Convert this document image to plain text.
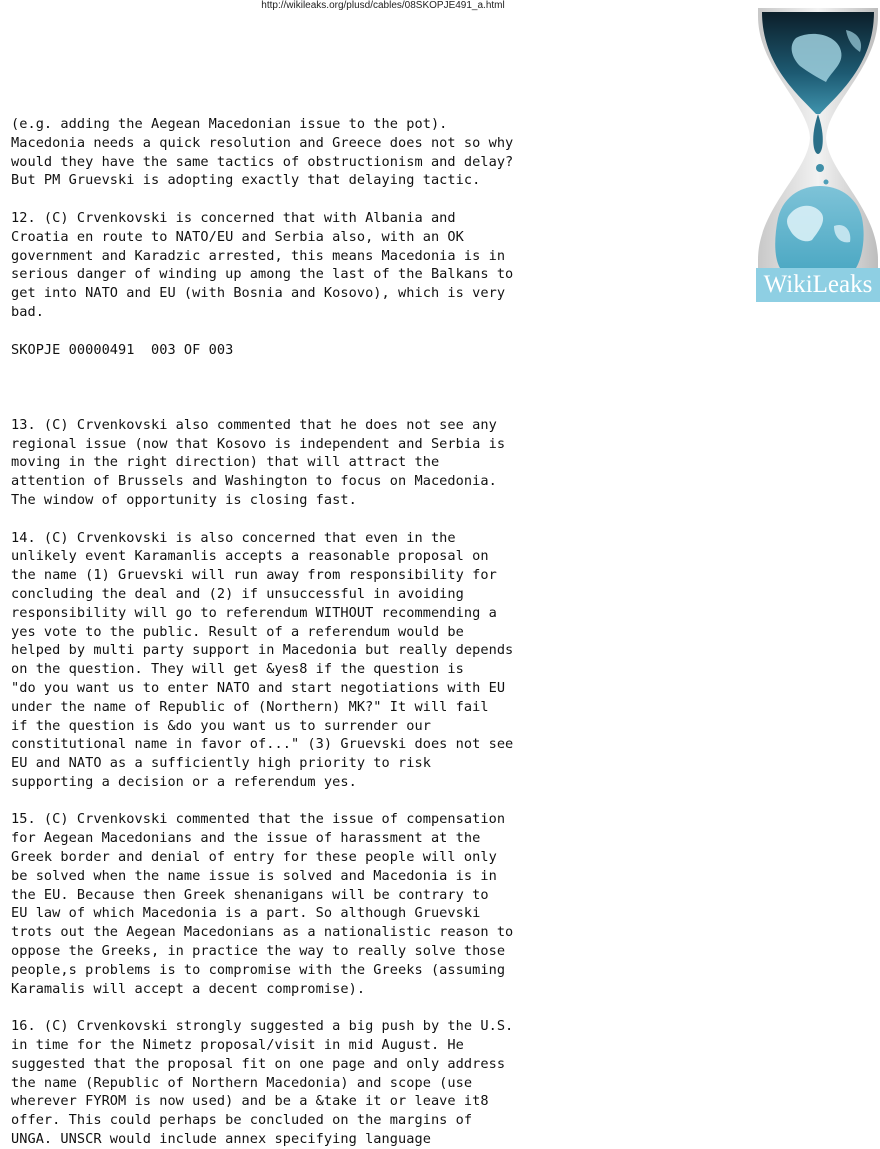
http://wikileaks.org/plusd/cables/08SKOPJE491_a.html
WikiLeaks
(e.g. adding the Aegean Macedonian issue to the pot).
Macedonia needs a quick resolution and Greece does not so why
would they have the same tactics of obstructionism and delay?
But PM Gruevski is adopting exactly that delaying tactic.
12. (C) Crvenkovski is concerned that with Albania and
Croatia en route to NATO/EU and Serbia also, with an OK
government and Karadzic arrested, this means Macedonia is in
serious danger of winding up among the last of the Balkans to
get into NATO and EU (with Bosnia and Kosovo), which is very
bad.
SKOPJE 00000491  003 OF 003
13. (C) Crvenkovski also commented that he does not see any
regional issue (now that Kosovo is independent and Serbia is
moving in the right direction) that will attract the
attention of Brussels and Washington to focus on Macedonia.
The window of opportunity is closing fast.
14. (C) Crvenkovski is also concerned that even in the
unlikely event Karamanlis accepts a reasonable proposal on
the name (1) Gruevski will run away from responsibility for
concluding the deal and (2) if unsuccessful in avoiding
responsibility will go to referendum WITHOUT recommending a
yes vote to the public. Result of a referendum would be
helped by multi party support in Macedonia but really depends
on the question. They will get &yes8 if the question is
"do you want us to enter NATO and start negotiations with EU
under the name of Republic of (Northern) MK?" It will fail
if the question is &do you want us to surrender our
constitutional name in favor of..." (3) Gruevski does not see
EU and NATO as a sufficiently high priority to risk
supporting a decision or a referendum yes.
15. (C) Crvenkovski commented that the issue of compensation
for Aegean Macedonians and the issue of harassment at the
Greek border and denial of entry for these people will only
be solved when the name issue is solved and Macedonia is in
the EU. Because then Greek shenanigans will be contrary to
EU law of which Macedonia is a part. So although Gruevski
trots out the Aegean Macedonians as a nationalistic reason to
oppose the Greeks, in practice the way to really solve those
people,s problems is to compromise with the Greeks (assuming
Karamalis will accept a decent compromise).
16. (C) Crvenkovski strongly suggested a big push by the U.S.
in time for the Nimetz proposal/visit in mid August. He
suggested that the proposal fit on one page and only address
the name (Republic of Northern Macedonia) and scope (use
wherever FYROM is now used) and be a &take it or leave it8
offer. This could perhaps be concluded on the margins of
UNGA. UNSCR would include annex specifying language
